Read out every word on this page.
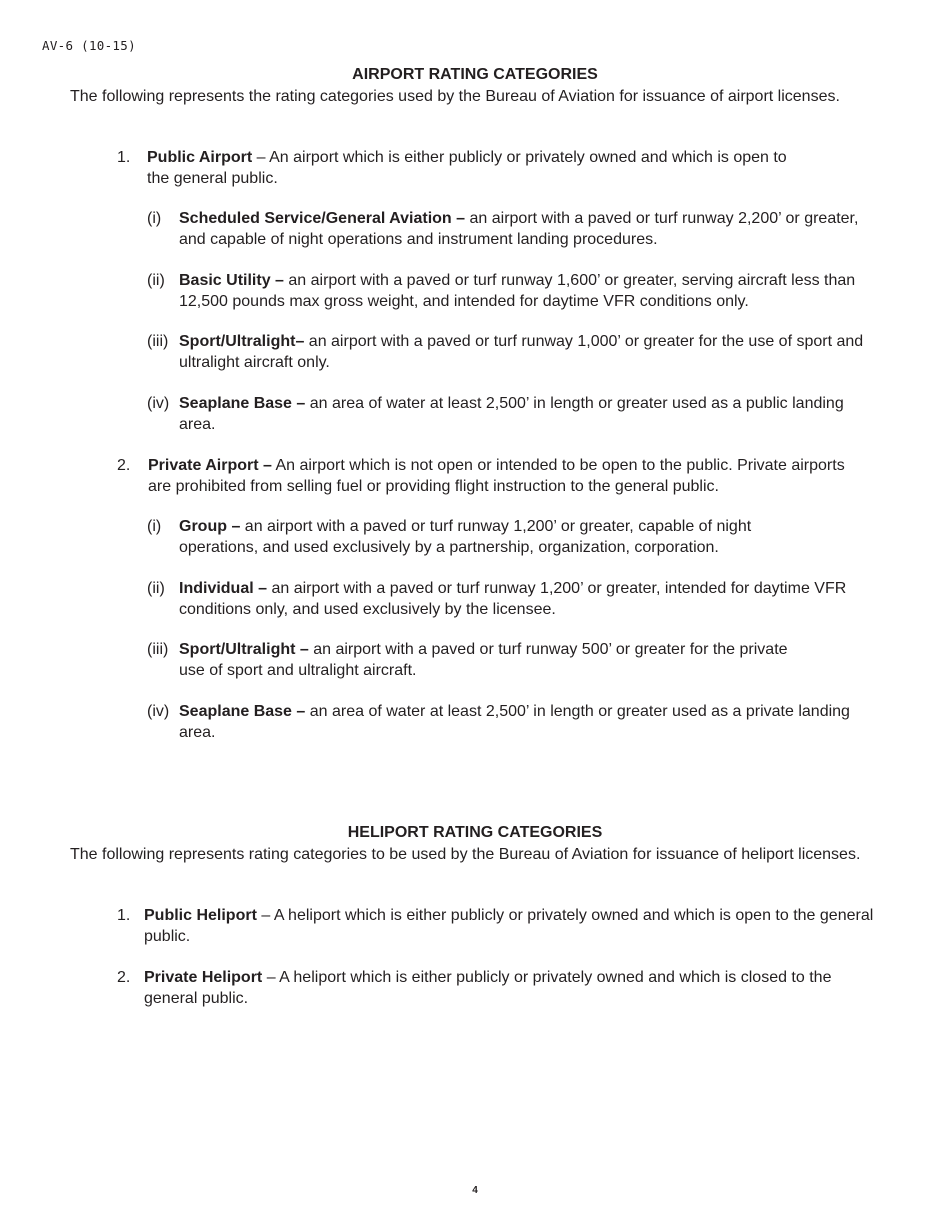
AV-6 (10-15)
AIRPORT RATING CATEGORIES
The following represents the rating categories used by the Bureau of Aviation for issuance of airport licenses.
1. Public Airport – An airport which is either publicly or privately owned and which is open to the general public.
(i) Scheduled Service/General Aviation – an airport with a paved or turf runway 2,200’ or greater, and capable of night operations and instrument landing procedures.
(ii) Basic Utility – an airport with a paved or turf runway 1,600’ or greater, serving aircraft less than 12,500 pounds max gross weight, and intended for daytime VFR conditions only.
(iii) Sport/Ultralight– an airport with a paved or turf runway 1,000’ or greater for the use of sport and ultralight aircraft only.
(iv) Seaplane Base – an area of water at least 2,500’ in length or greater used as a public landing area.
2. Private Airport – An airport which is not open or intended to be open to the public. Private airports are prohibited from selling fuel or providing flight instruction to the general public.
(i) Group – an airport with a paved or turf runway 1,200’ or greater, capable of night operations, and used exclusively by a partnership, organization, corporation.
(ii) Individual – an airport with a paved or turf runway 1,200’ or greater, intended for daytime VFR conditions only, and used exclusively by the licensee.
(iii) Sport/Ultralight – an airport with a paved or turf runway 500’ or greater for the private use of sport and ultralight aircraft.
(iv) Seaplane Base – an area of water at least 2,500’ in length or greater used as a private landing area.
HELIPORT RATING CATEGORIES
The following represents rating categories to be used by the Bureau of Aviation for issuance of heliport licenses.
1. Public Heliport – A heliport which is either publicly or privately owned and which is open to the general public.
2. Private Heliport – A heliport which is either publicly or privately owned and which is closed to the general public.
4
